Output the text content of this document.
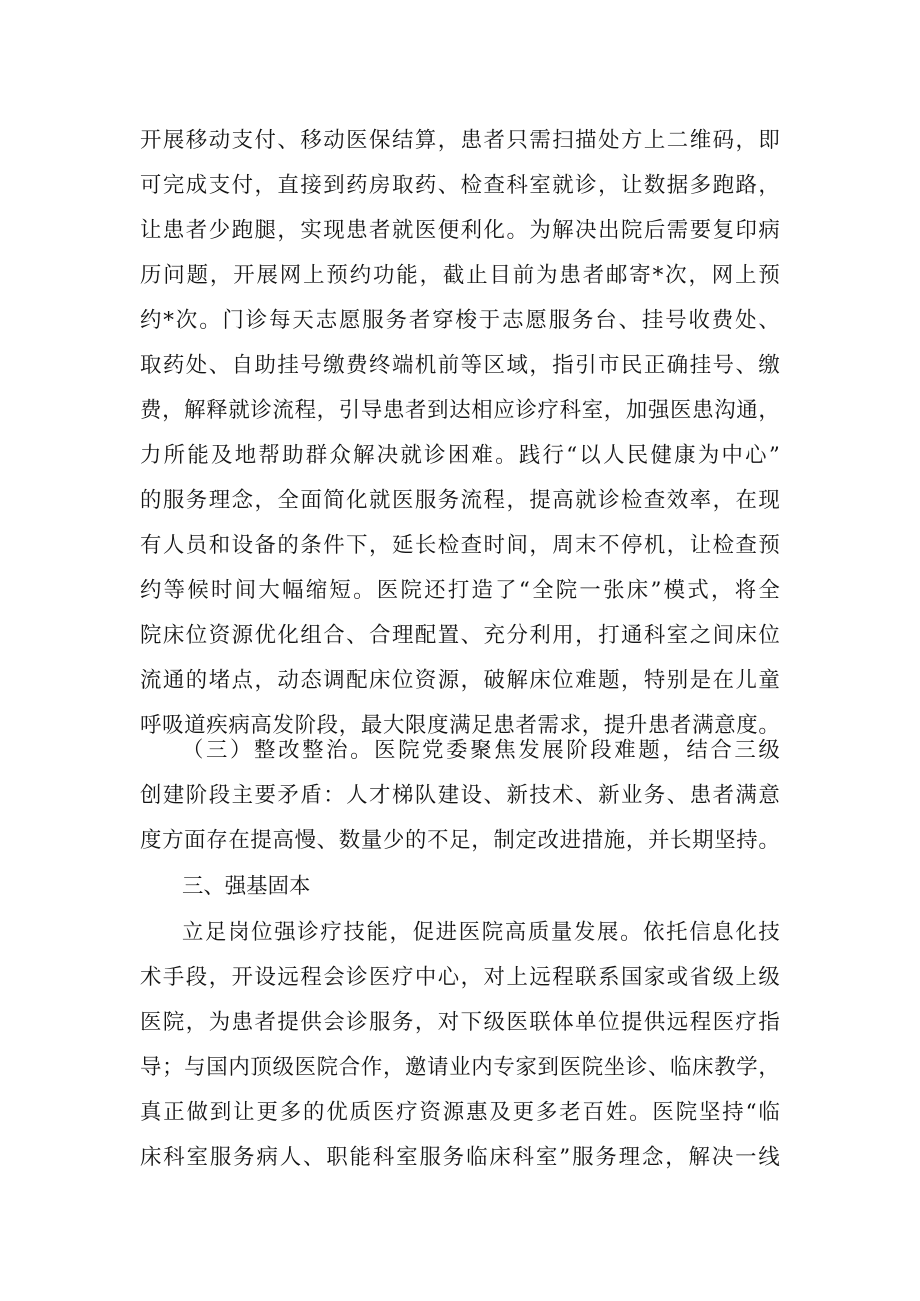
开展移动支付、移动医保结算，患者只需扫描处方上二维码，即
可完成支付，直接到药房取药、检查科室就诊，让数据多跑路，
让患者少跑腿，实现患者就医便利化。为解决出院后需要复印病
历问题，开展网上预约功能，截止目前为患者邮寄*次，网上预
约*次。门诊每天志愿服务者穿梭于志愿服务台、挂号收费处、
取药处、自助挂号缴费终端机前等区域，指引市民正确挂号、缴
费，解释就诊流程，引导患者到达相应诊疗科室，加强医患沟通，
力所能及地帮助群众解决就诊困难。践行“以人民健康为中心”
的服务理念，全面简化就医服务流程，提高就诊检查效率，在现
有人员和设备的条件下，延长检查时间，周末不停机，让检查预
约等候时间大幅缩短。医院还打造了“全院一张床”模式，将全
院床位资源优化组合、合理配置、充分利用，打通科室之间床位
流通的堵点，动态调配床位资源，破解床位难题，特别是在儿童
呼吸道疾病高发阶段，最大限度满足患者需求，提升患者满意度。
（三）整改整治。医院党委聚焦发展阶段难题，结合三级
创建阶段主要矛盾：人才梯队建设、新技术、新业务、患者满意
度方面存在提高慢、数量少的不足，制定改进措施，并长期坚持。
三、强基固本
立足岗位强诊疗技能，促进医院高质量发展。依托信息化技
术手段，开设远程会诊医疗中心，对上远程联系国家或省级上级
医院，为患者提供会诊服务，对下级医联体单位提供远程医疗指
导；与国内顶级医院合作，邀请业内专家到医院坐诊、临床教学，
真正做到让更多的优质医疗资源惠及更多老百姓。医院坚持“临
床科室服务病人、职能科室服务临床科室”服务理念，解决一线
